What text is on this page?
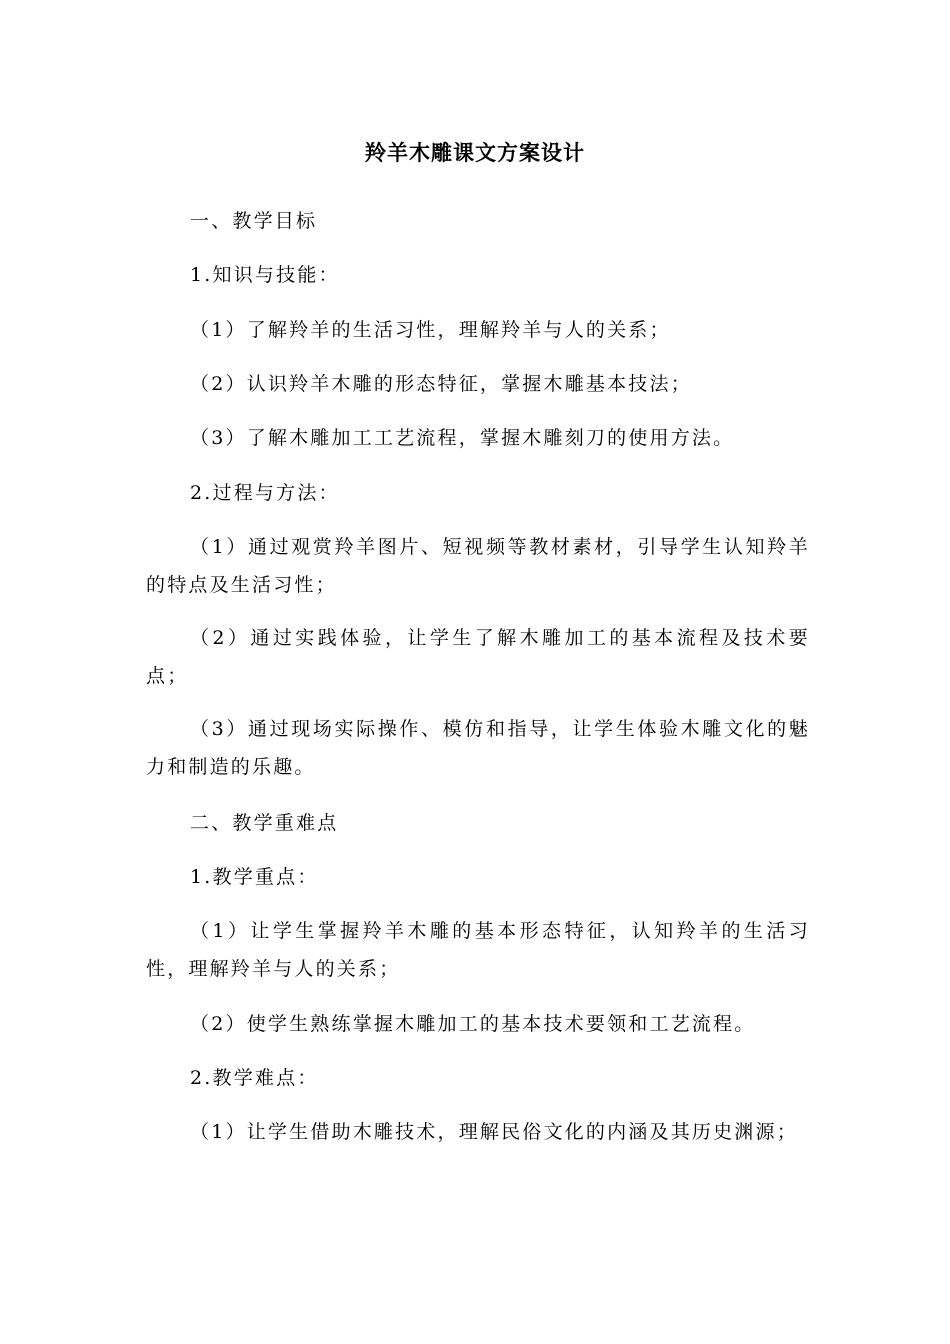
羚羊木雕课文方案设计
一、教学目标
1.知识与技能：
（1）了解羚羊的生活习性，理解羚羊与人的关系；
（2）认识羚羊木雕的形态特征，掌握木雕基本技法；
（3）了解木雕加工工艺流程，掌握木雕刻刀的使用方法。
2.过程与方法：
（1）通过观赏羚羊图片、短视频等教材素材，引导学生认知羚羊的特点及生活习性；
（2）通过实践体验，让学生了解木雕加工的基本流程及技术要点；
（3）通过现场实际操作、模仿和指导，让学生体验木雕文化的魅力和制造的乐趣。
二、教学重难点
1.教学重点：
（1）让学生掌握羚羊木雕的基本形态特征，认知羚羊的生活习性，理解羚羊与人的关系；
（2）使学生熟练掌握木雕加工的基本技术要领和工艺流程。
2.教学难点：
（1）让学生借助木雕技术，理解民俗文化的内涵及其历史渊源；
